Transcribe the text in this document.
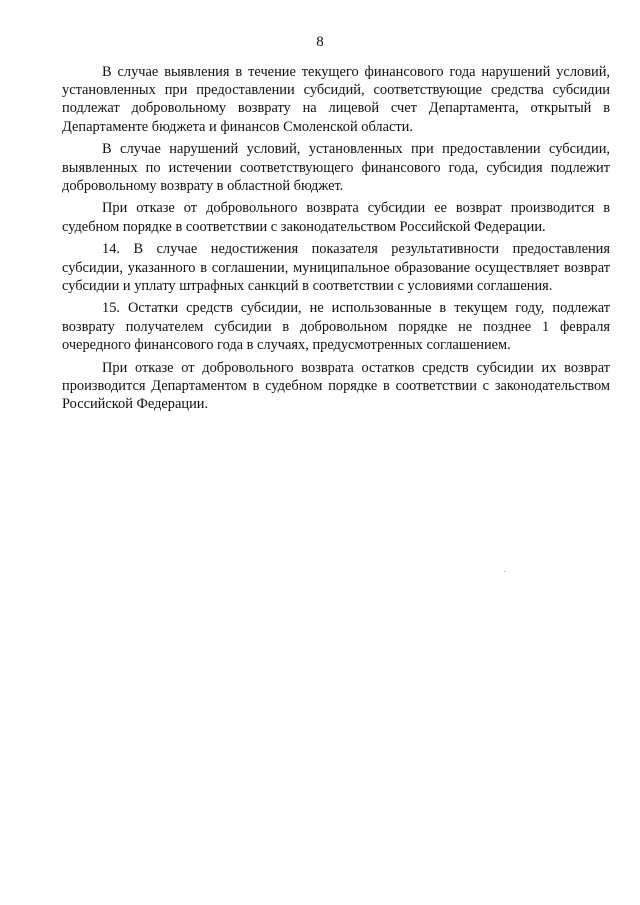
8

В случае выявления в течение текущего финансового года нарушений условий, установленных при предоставлении субсидий, соответствующие средства субсидии подлежат добровольному возврату на лицевой счет Департамента, открытый в Департаменте бюджета и финансов Смоленской области.

В случае нарушений условий, установленных при предоставлении субсидии, выявленных по истечении соответствующего финансового года, субсидия подлежит добровольному возврату в областной бюджет.

При отказе от добровольного возврата субсидии ее возврат производится в судебном порядке в соответствии с законодательством Российской Федерации.

14. В случае недостижения показателя результативности предоставления субсидии, указанного в соглашении, муниципальное образование осуществляет возврат субсидии и уплату штрафных санкций в соответствии с условиями соглашения.

15. Остатки средств субсидии, не использованные в текущем году, подлежат возврату получателем субсидии в добровольном порядке не позднее 1 февраля очередного финансового года в случаях, предусмотренных соглашением.

При отказе от добровольного возврата остатков средств субсидии их возврат производится Департаментом в судебном порядке в соответствии с законодательством Российской Федерации.
